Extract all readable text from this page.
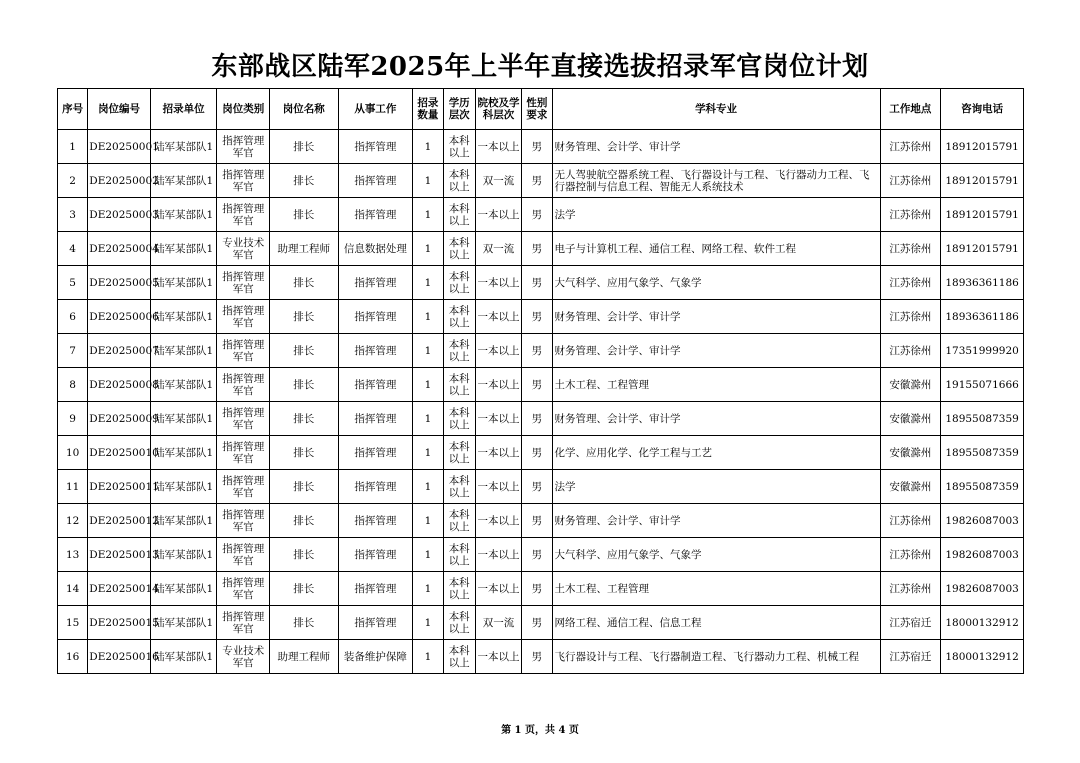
东部战区陆军2025年上半年直接选拔招录军官岗位计划
序号	岗位编号	招录单位	岗位类别	岗位名称	从事工作	招录数量	学历层次	院校及学科层次	性别要求	学科专业	工作地点	咨询电话
1	DE20250001	陆军某部队1	指挥管理军官	排长	指挥管理	1	本科以上	一本以上	男	财务管理、会计学、审计学	江苏徐州	18912015791
2	DE20250002	陆军某部队1	指挥管理军官	排长	指挥管理	1	本科以上	双一流	男	无人驾驶航空器系统工程、飞行器设计与工程、飞行器动力工程、飞行器控制与信息工程、智能无人系统技术	江苏徐州	18912015791
3	DE20250003	陆军某部队1	指挥管理军官	排长	指挥管理	1	本科以上	一本以上	男	法学	江苏徐州	18912015791
4	DE20250004	陆军某部队1	专业技术军官	助理工程师	信息数据处理	1	本科以上	双一流	男	电子与计算机工程、通信工程、网络工程、软件工程	江苏徐州	18912015791
5	DE20250005	陆军某部队1	指挥管理军官	排长	指挥管理	1	本科以上	一本以上	男	大气科学、应用气象学、气象学	江苏徐州	18936361186
6	DE20250006	陆军某部队1	指挥管理军官	排长	指挥管理	1	本科以上	一本以上	男	财务管理、会计学、审计学	江苏徐州	18936361186
7	DE20250007	陆军某部队1	指挥管理军官	排长	指挥管理	1	本科以上	一本以上	男	财务管理、会计学、审计学	江苏徐州	17351999920
8	DE20250008	陆军某部队1	指挥管理军官	排长	指挥管理	1	本科以上	一本以上	男	土木工程、工程管理	安徽滁州	19155071666
9	DE20250009	陆军某部队1	指挥管理军官	排长	指挥管理	1	本科以上	一本以上	男	财务管理、会计学、审计学	安徽滁州	18955087359
10	DE20250010	陆军某部队1	指挥管理军官	排长	指挥管理	1	本科以上	一本以上	男	化学、应用化学、化学工程与工艺	安徽滁州	18955087359
11	DE20250011	陆军某部队1	指挥管理军官	排长	指挥管理	1	本科以上	一本以上	男	法学	安徽滁州	18955087359
12	DE20250012	陆军某部队1	指挥管理军官	排长	指挥管理	1	本科以上	一本以上	男	财务管理、会计学、审计学	江苏徐州	19826087003
13	DE20250013	陆军某部队1	指挥管理军官	排长	指挥管理	1	本科以上	一本以上	男	大气科学、应用气象学、气象学	江苏徐州	19826087003
14	DE20250014	陆军某部队1	指挥管理军官	排长	指挥管理	1	本科以上	一本以上	男	土木工程、工程管理	江苏徐州	19826087003
15	DE20250015	陆军某部队1	指挥管理军官	排长	指挥管理	1	本科以上	双一流	男	网络工程、通信工程、信息工程	江苏宿迁	18000132912
16	DE20250016	陆军某部队1	专业技术军官	助理工程师	装备维护保障	1	本科以上	一本以上	男	飞行器设计与工程、飞行器制造工程、飞行器动力工程、机械工程	江苏宿迁	18000132912
第 1 页，共 4 页
